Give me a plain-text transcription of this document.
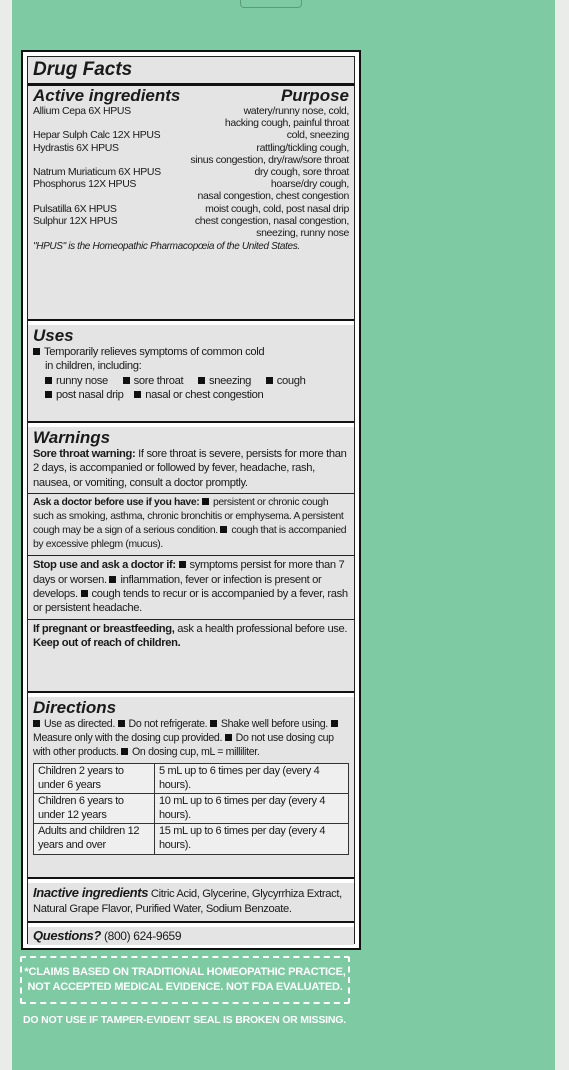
Drug Facts
Active ingredients	Purpose
Allium Cepa 6X HPUS	watery/runny nose, cold,
hacking cough, painful throat
Hepar Sulph Calc 12X HPUS	cold, sneezing
Hydrastis 6X HPUS	rattling/tickling cough,
sinus congestion, dry/raw/sore throat
Natrum Muriaticum 6X HPUS	dry cough, sore throat
Phosphorus 12X HPUS	hoarse/dry cough,
nasal congestion, chest congestion
Pulsatilla 6X HPUS	moist cough, cold, post nasal drip
Sulphur 12X HPUS	chest congestion, nasal congestion,
sneezing, runny nose
"HPUS" is the Homeopathic Pharmacopœia of the United States.
Uses
Temporarily relieves symptoms of common cold
in children, including:
runny nose sore throat sneezing cough
post nasal drip nasal or chest congestion
Warnings
Sore throat warning: If sore throat is severe, persists for more than 2 days, is accompanied or followed by fever, headache, rash, nausea, or vomiting, consult a doctor promptly.
Ask a doctor before use if you have: persistent or chronic cough such as smoking, asthma, chronic bronchitis or emphysema. A persistent cough may be a sign of a serious condition. cough that is accompanied by excessive phlegm (mucus).
Stop use and ask a doctor if: symptoms persist for more than 7 days or worsen. inflammation, fever or infection is present or develops. cough tends to recur or is accompanied by a fever, rash or persistent headache.
If pregnant or breastfeeding, ask a health professional before use. Keep out of reach of children.
Directions
Use as directed. Do not refrigerate. Shake well before using. Measure only with the dosing cup provided. Do not use dosing cup with other products. On dosing cup, mL = milliliter.
Children 2 years to under 6 years	5 mL up to 6 times per day (every 4 hours).
Children 6 years to under 12 years	10 mL up to 6 times per day (every 4 hours).
Adults and children 12 years and over	15 mL up to 6 times per day (every 4 hours).
Inactive ingredients Citric Acid, Glycerine, Glycyrrhiza Extract, Natural Grape Flavor, Purified Water, Sodium Benzoate.
Questions? (800) 624-9659
*CLAIMS BASED ON TRADITIONAL HOMEOPATHIC PRACTICE,
NOT ACCEPTED MEDICAL EVIDENCE. NOT FDA EVALUATED.
DO NOT USE IF TAMPER-EVIDENT SEAL IS BROKEN OR MISSING.
